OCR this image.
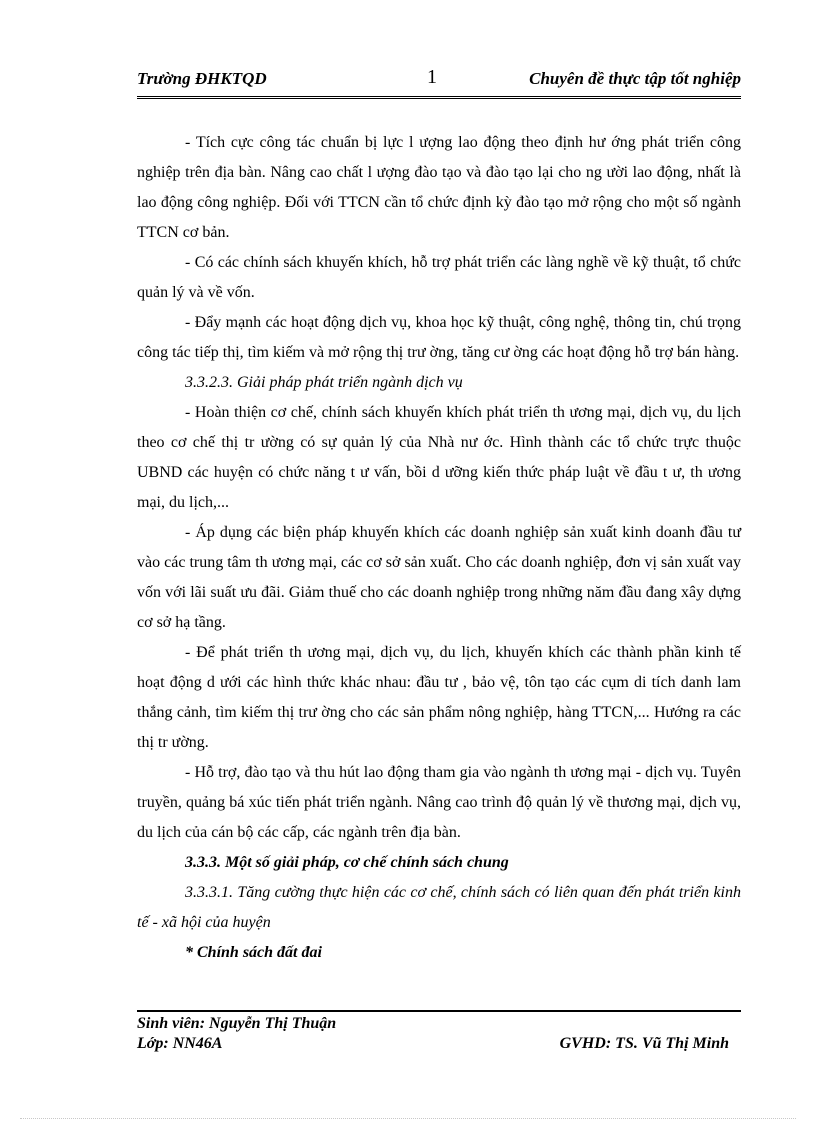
Trường ĐHKTQD	1	Chuyên đề thực tập tốt nghiệp

- Tích cực công tác chuẩn bị lực l ượng lao động theo định hư ớng phát triển công nghiệp trên địa bàn. Nâng cao chất l ượng đào tạo và đào tạo lại cho ng ười lao động, nhất là lao động công nghiệp. Đối với TTCN cần tổ chức định kỳ đào tạo mở rộng cho một số ngành TTCN cơ bản.

- Có các chính sách khuyến khích, hỗ trợ phát triển các làng nghề về kỹ thuật, tổ chức quản lý và về vốn.

- Đẩy mạnh các hoạt động dịch vụ, khoa học kỹ thuật, công nghệ, thông tin, chú trọng công tác tiếp thị, tìm kiếm và mở rộng thị trư ờng, tăng cư ờng các hoạt động hỗ trợ bán hàng.

3.3.2.3. Giải pháp phát triển ngành dịch vụ

- Hoàn thiện cơ chế, chính sách khuyến khích phát triển th ương mại, dịch vụ, du lịch theo cơ chế thị tr ường có sự quản lý của Nhà nư ớc. Hình thành các tổ chức trực thuộc UBND các huyện có chức năng t ư vấn, bồi d ưỡng kiến thức pháp luật về đầu t ư, th ương mại, du lịch,...

- Áp dụng các biện pháp khuyến khích các doanh nghiệp sản xuất kinh doanh đầu tư vào các trung tâm th ương mại, các cơ sở sản xuất. Cho các doanh nghiệp, đơn vị sản xuất vay vốn với lãi suất ưu đãi. Giảm thuế cho các doanh nghiệp trong những năm đầu đang xây dựng cơ sở hạ tầng.

- Để phát triển th ương mại, dịch vụ, du lịch, khuyến khích các thành phần kinh tế hoạt động d ưới các hình thức khác nhau: đầu tư , bảo vệ, tôn tạo các cụm di tích danh lam thắng cảnh, tìm kiếm thị trư ờng cho các sản phẩm nông nghiệp, hàng TTCN,... Hướng ra các thị tr ường.

- Hỗ trợ, đào tạo và thu hút lao động tham gia vào ngành th ương mại - dịch vụ. Tuyên truyền, quảng bá xúc tiến phát triển ngành. Nâng cao trình độ quản lý về thương mại, dịch vụ, du lịch của cán bộ các cấp, các ngành trên địa bàn.

3.3.3. Một số giải pháp, cơ chế chính sách chung

3.3.3.1. Tăng cường thực hiện các cơ chế, chính sách có liên quan đến phát triển kinh tế - xã hội của huyện

* Chính sách đất đai

Sinh viên: Nguyễn Thị Thuận
Lớp: NN46A	GVHD: TS. Vũ Thị Minh
